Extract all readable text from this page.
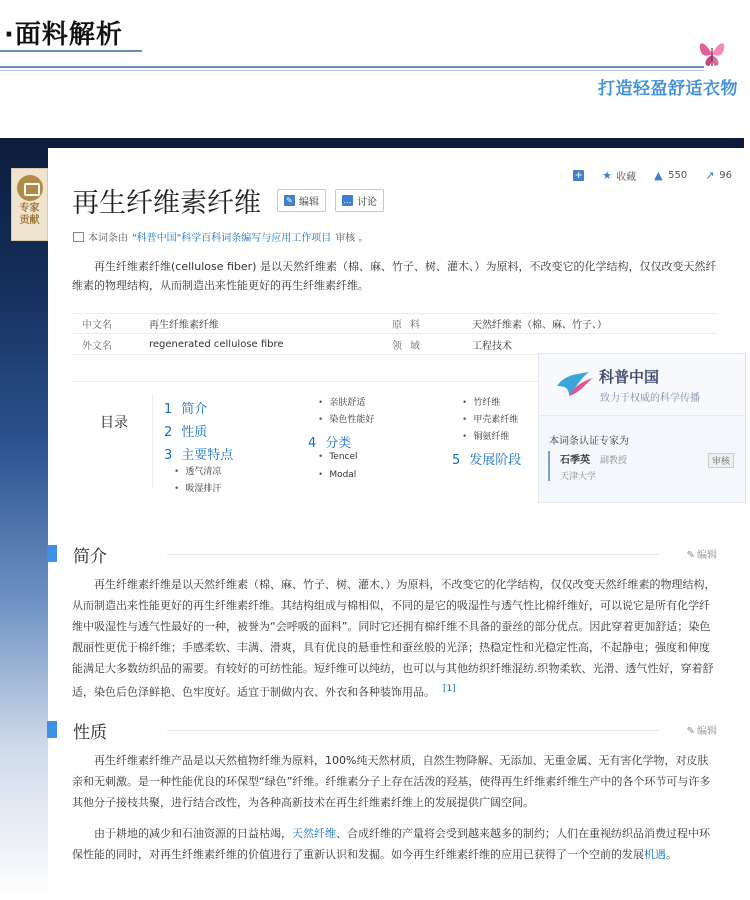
·面料解析
打造轻盈舒适衣物
专家
贡献
+ ★ 收藏 ▲ 550 ↗ 96
再生纤维素纤维	✎ 编辑	… 讨论
本词条由 "科普中国"科学百科词条编写与应用工作项目 审核 。
再生纤维素纤维(cellulose fiber) 是以天然纤维素（棉、麻、竹子、树、灌木、）为原料，不改变它的化学结构，仅仅改变天然纤维素的物理结构，从而制造出来性能更好的再生纤维素纤维。
中文名	再生纤维素纤维	原料	天然纤维素（棉、麻、竹子、）
外文名	regenerated cellulose fibre	领域	工程技术
目录
1 简介
2 性质
3 主要特点
• 透气清凉
• 吸湿排汗
• 亲肤舒适
• 染色性能好
4 分类
• Tencel
• Modal
• 竹纤维
• 甲壳素纤维
• 铜氨纤维
5 发展阶段
科普中国
致力于权威的科学传播
本词条认证专家为
石季英 副教授
天津大学
审核
简介	✎ 编辑
再生纤维素纤维是以天然纤维素（棉、麻、竹子、树、灌木、）为原料，不改变它的化学结构，仅仅改变天然纤维素的物理结构，从而制造出来性能更好的再生纤维素纤维。其结构组成与棉相似，不同的是它的吸湿性与透气性比棉纤维好，可以说它是所有化学纤维中吸湿性与透气性最好的一种，被誉为“会呼吸的面料”。同时它还拥有棉纤维不具备的蚕丝的部分优点。因此穿着更加舒适；染色靓丽性更优于棉纤维；手感柔软、丰满、滑爽，具有优良的悬垂性和蚕丝般的光泽；热稳定性和光稳定性高，不起静电；强度和伸度能满足大多数纺织品的需要。有较好的可纺性能。短纤维可以纯纺，也可以与其他纺织纤维混纺.织物柔软、光滑、透气性好，穿着舒适，染色后色泽鲜艳、色牢度好。适宜于制做内衣、外衣和各种装饰用品。 [1]
性质	✎ 编辑
再生纤维素纤维产品是以天然植物纤维为原料，100%纯天然材质，自然生物降解、无添加、无重金属、无有害化学物，对皮肤亲和无刺激。是一种性能优良的环保型“绿色”纤维。纤维素分子上存在活泼的羟基，使得再生纤维素纤维生产中的各个环节可与许多其他分子接枝共聚，进行结合改性，为各种高新技术在再生纤维素纤维上的发展提供广阔空间。
由于耕地的减少和石油资源的日益枯竭，天然纤维、合成纤维的产量将会受到越来越多的制约；人们在重视纺织品消费过程中环保性能的同时，对再生纤维素纤维的价值进行了重新认识和发掘。如今再生纤维素纤维的应用已获得了一个空前的发展机遇。
